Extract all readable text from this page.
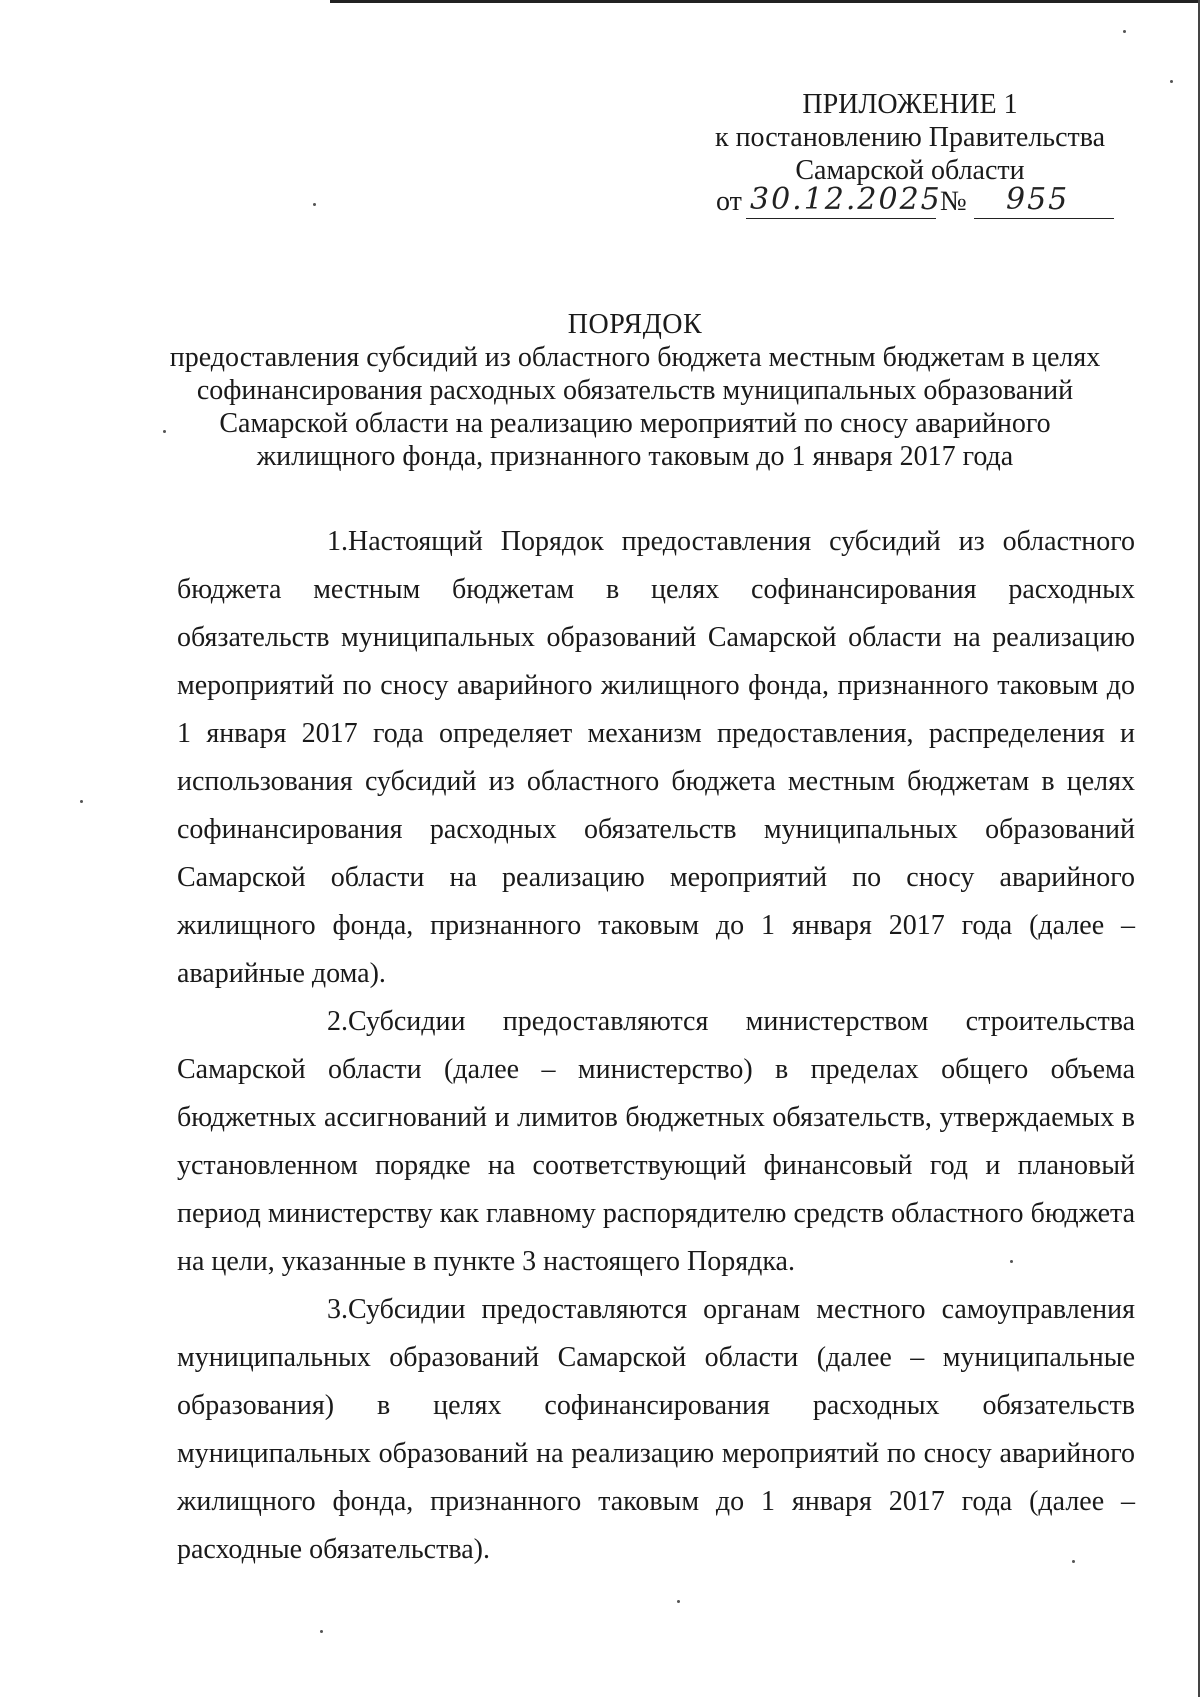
ПРИЛОЖЕНИЕ 1
к постановлению Правительства
Самарской области
от 30.12.2025
№ 955
ПОРЯДОК
предоставления субсидий из областного бюджета местным бюджетам в целях
софинансирования расходных обязательств муниципальных образований
Самарской области на реализацию мероприятий по сносу аварийного
жилищного фонда, признанного таковым до 1 января 2017 года

1.Настоящий Порядок предоставления субсидий из областного бюджета местным бюджетам в целях софинансирования расходных обязательств муниципальных образований Самарской области на реализацию мероприятий по сносу аварийного жилищного фонда, признанного таковым до 1 января 2017 года определяет механизм предоставления, распределения и использования субсидий из областного бюджета местным бюджетам в целях софинансирования расходных обязательств муниципальных образований Самарской области на реализацию мероприятий по сносу аварийного жилищного фонда, признанного таковым до 1 января 2017 года (далее – аварийные дома).

2.Субсидии предоставляются министерством строительства Самарской области (далее – министерство) в пределах общего объема бюджетных ассигнований и лимитов бюджетных обязательств, утверждаемых в установленном порядке на соответствующий финансовый год и плановый период министерству как главному распорядителю средств областного бюджета на цели, указанные в пункте 3 настоящего Порядка.

3.Субсидии предоставляются органам местного самоуправления муниципальных образований Самарской области (далее – муниципальные образования) в целях софинансирования расходных обязательств муниципальных образований на реализацию мероприятий по сносу аварийного жилищного фонда, признанного таковым до 1 января 2017 года (далее – расходные обязательства).
